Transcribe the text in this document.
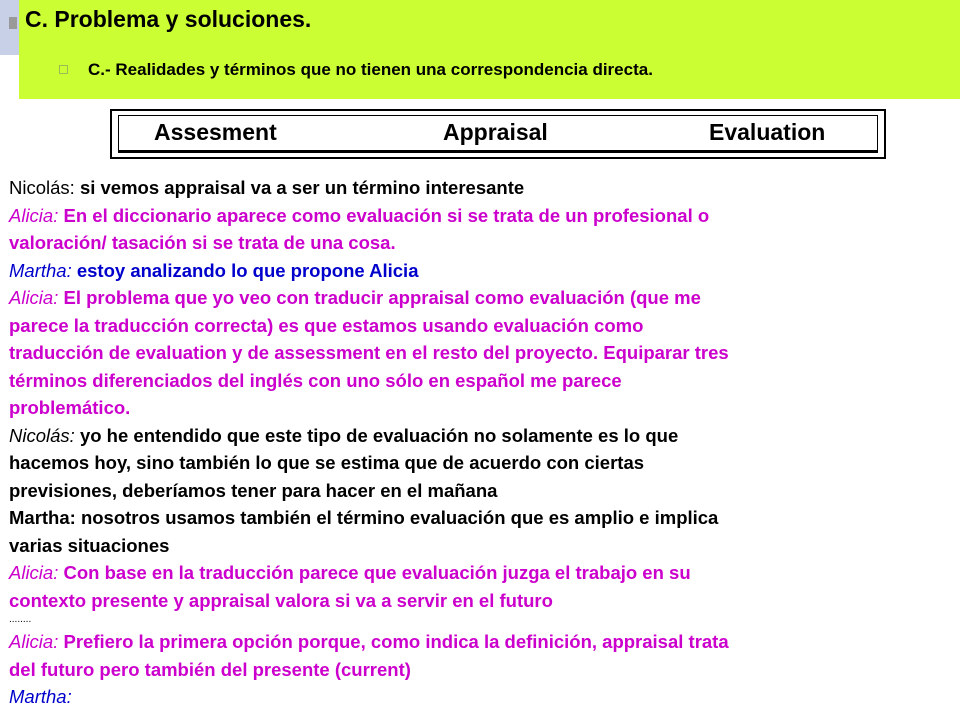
C. Problema y soluciones.
C.- Realidades y términos que no tienen una correspondencia directa.
Assesment	Appraisal	Evaluation
Nicolás: si vemos appraisal va a ser un término interesante
Alicia: En el diccionario aparece como evaluación si se trata de un profesional o
valoración/ tasación si se trata de una cosa.
Martha: estoy analizando lo que propone Alicia
Alicia: El problema que yo veo con traducir appraisal como evaluación (que me
parece la traducción correcta) es que estamos usando evaluación como
traducción de evaluation y de assessment en el resto del proyecto. Equiparar tres
términos diferenciados del inglés con uno sólo en español me parece
problemático.
Nicolás: yo he entendido que este tipo de evaluación no solamente es lo que
hacemos hoy, sino también lo que se estima que de acuerdo con ciertas
previsiones, deberíamos tener para hacer en el mañana
Martha: nosotros usamos también el término evaluación que es amplio e implica
varias situaciones
Alicia: Con base en la traducción parece que evaluación juzga el trabajo en su
contexto presente y appraisal valora si va a servir en el futuro
........
Alicia: Prefiero la primera opción porque, como indica la definición, appraisal trata
del futuro pero también del presente (current)
Martha:
